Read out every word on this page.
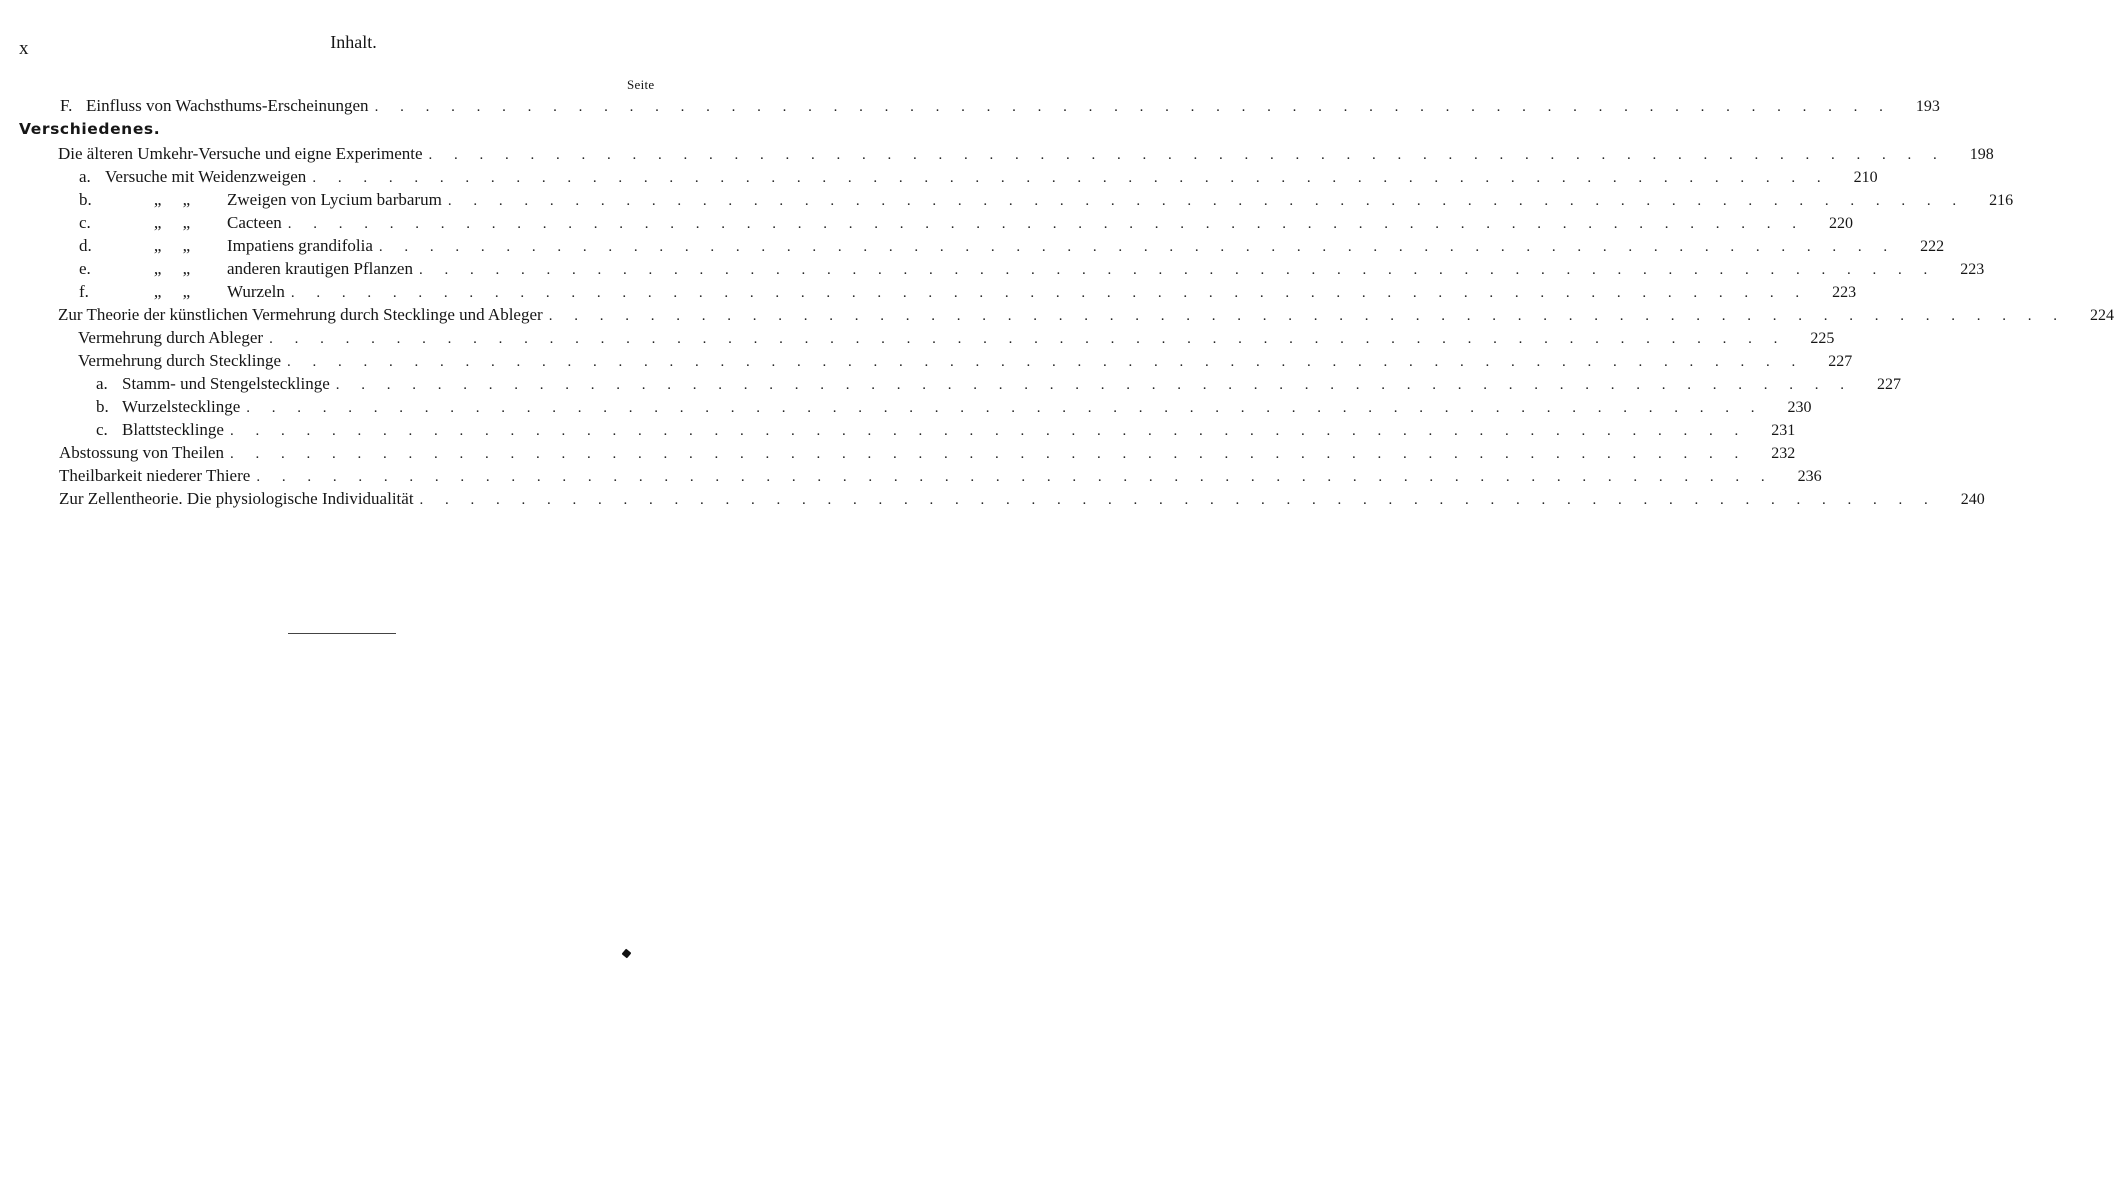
x	Inhalt.
Seite
F. Einfluss von Wachsthums-Erscheinungen . . . . . . . . . . . . . . . . . . . . . . . . . . . . . . . . . . . . . . . . . . . . . . . . . . . . . . . . . . . .	193
Verschiedenes.
Die älteren Umkehr-Versuche und eigne Experimente . . . . . . . . . . . . . . . . . . . . . . . . . . . . . . . . . . . . . . . . . . . . . . . . . . . . . . . . . . . .	198
a. Versuche mit Weidenzweigen . . . . . . . . . . . . . . . . . . . . . . . . . . . . . . . . . . . . . . . . . . . . . . . . . . . . . . . . . . . .	210
b.	„     „ Zweigen von Lycium barbarum . . . . . . . . . . . . . . . . . . . . . . . . . . . . . . . . . . . . . . . . . . . . . . . . . . . . . . . . . . . .	216
c.	„     „ Cacteen . . . . . . . . . . . . . . . . . . . . . . . . . . . . . . . . . . . . . . . . . . . . . . . . . . . . . . . . . . . .	220
d.	„     „ Impatiens grandifolia . . . . . . . . . . . . . . . . . . . . . . . . . . . . . . . . . . . . . . . . . . . . . . . . . . . . . . . . . . . .	222
e.	„     „ anderen krautigen Pflanzen . . . . . . . . . . . . . . . . . . . . . . . . . . . . . . . . . . . . . . . . . . . . . . . . . . . . . . . . . . . .	223
f.	„     „ Wurzeln . . . . . . . . . . . . . . . . . . . . . . . . . . . . . . . . . . . . . . . . . . . . . . . . . . . . . . . . . . . .	223
Zur Theorie der künstlichen Vermehrung durch Stecklinge und Ableger . . . . . . . . . . . . . . . . . . . . . . . . . . . . . . . . . . . . . . . . . . . . . . . . . . . . . . . . . . . .	224
Vermehrung durch Ableger . . . . . . . . . . . . . . . . . . . . . . . . . . . . . . . . . . . . . . . . . . . . . . . . . . . . . . . . . . . .	225
Vermehrung durch Stecklinge . . . . . . . . . . . . . . . . . . . . . . . . . . . . . . . . . . . . . . . . . . . . . . . . . . . . . . . . . . . .	227
a. Stamm- und Stengelstecklinge . . . . . . . . . . . . . . . . . . . . . . . . . . . . . . . . . . . . . . . . . . . . . . . . . . . . . . . . . . . .	227
b. Wurzelstecklinge . . . . . . . . . . . . . . . . . . . . . . . . . . . . . . . . . . . . . . . . . . . . . . . . . . . . . . . . . . . .	230
c. Blattstecklinge . . . . . . . . . . . . . . . . . . . . . . . . . . . . . . . . . . . . . . . . . . . . . . . . . . . . . . . . . . . .	231
Abstossung von Theilen . . . . . . . . . . . . . . . . . . . . . . . . . . . . . . . . . . . . . . . . . . . . . . . . . . . . . . . . . . . .	232
Theilbarkeit niederer Thiere . . . . . . . . . . . . . . . . . . . . . . . . . . . . . . . . . . . . . . . . . . . . . . . . . . . . . . . . . . . .	236
Zur Zellentheorie. Die physiologische Individualität . . . . . . . . . . . . . . . . . . . . . . . . . . . . . . . . . . . . . . . . . . . . . . . . . . . . . . . . . . . .	240
